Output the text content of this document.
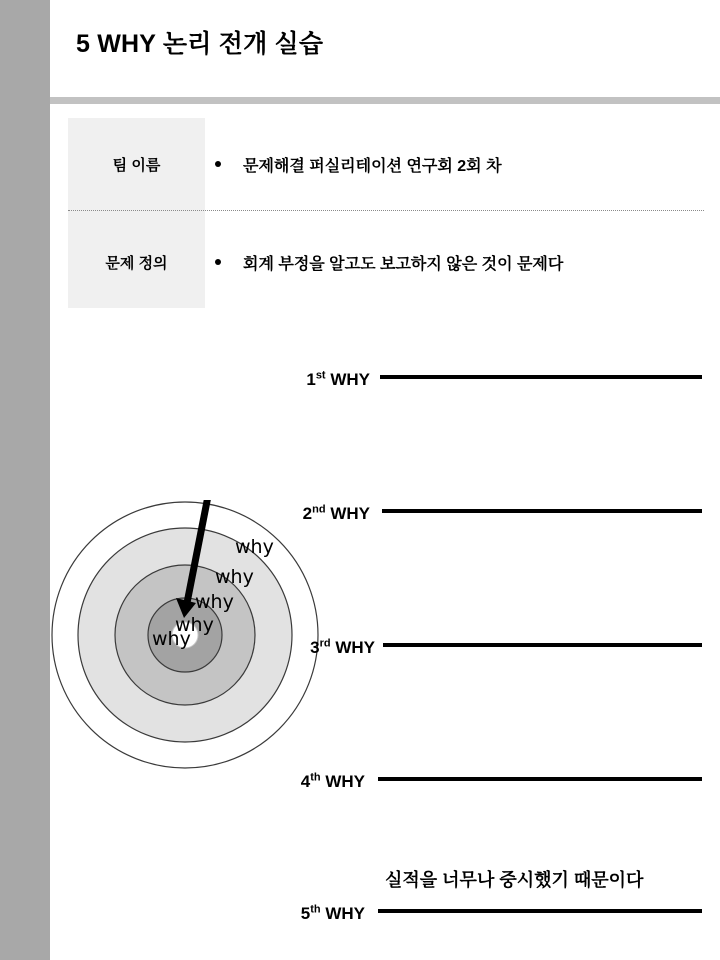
5 WHY 논리 전개 실습
팀 이름	문제해결 퍼실리테이션 연구회 2회 차
문제 정의	회계 부정을 알고도 보고하지 않은 것이 문제다
why
why
why
why
why
1st WHY
2nd WHY
3rd WHY
4th WHY
실적을 너무나 중시했기 때문이다
5th WHY
